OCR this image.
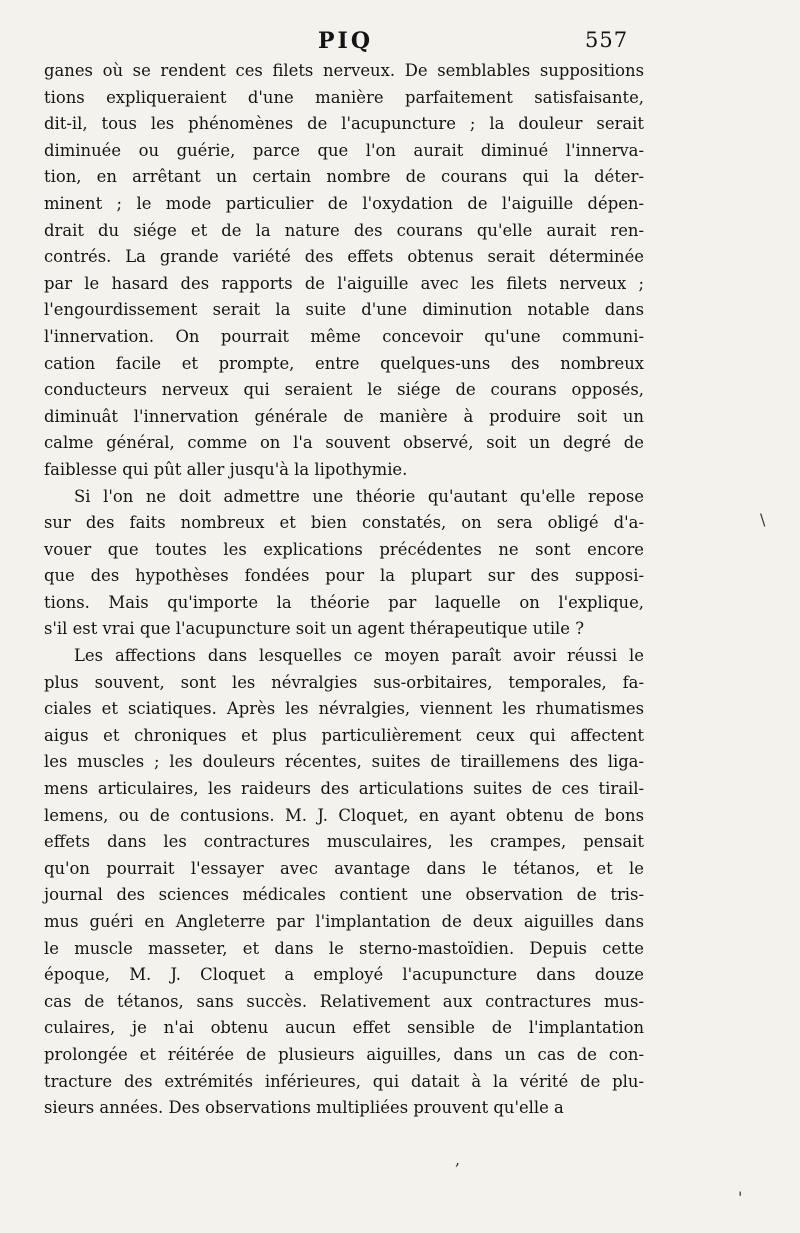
PIQ	557
ganes où se rendent ces filets nerveux. De semblables suppositions
tions expliqueraient d'une manière parfaitement satisfaisante,
dit-il, tous les phénomènes de l'acupuncture ; la douleur serait
diminuée ou guérie, parce que l'on aurait diminué l'innerva-
tion, en arrêtant un certain nombre de courans qui la déter-
minent ; le mode particulier de l'oxydation de l'aiguille dépen-
drait du siége et de la nature des courans qu'elle aurait ren-
contrés. La grande variété des effets obtenus serait déterminée
par le hasard des rapports de l'aiguille avec les filets nerveux ;
l'engourdissement serait la suite d'une diminution notable dans
l'innervation. On pourrait même concevoir qu'une communi-
cation facile et prompte, entre quelques-uns des nombreux
conducteurs nerveux qui seraient le siége de courans opposés,
diminuât l'innervation générale de manière à produire soit un
calme général, comme on l'a souvent observé, soit un degré de
faiblesse qui pût aller jusqu'à la lipothymie.
Si l'on ne doit admettre une théorie qu'autant qu'elle repose
sur des faits nombreux et bien constatés, on sera obligé d'a-
vouer que toutes les explications précédentes ne sont encore
que des hypothèses fondées pour la plupart sur des supposi-
tions. Mais qu'importe la théorie par laquelle on l'explique,
s'il est vrai que l'acupuncture soit un agent thérapeutique utile ?
Les affections dans lesquelles ce moyen paraît avoir réussi le
plus souvent, sont les névralgies sus-orbitaires, temporales, fa-
ciales et sciatiques. Après les névralgies, viennent les rhumatismes
aigus et chroniques et plus particulièrement ceux qui affectent
les muscles ; les douleurs récentes, suites de tiraillemens des liga-
mens articulaires, les raideurs des articulations suites de ces tirail-
lemens, ou de contusions. M. J. Cloquet, en ayant obtenu de bons
effets dans les contractures musculaires, les crampes, pensait
qu'on pourrait l'essayer avec avantage dans le tétanos, et le
journal des sciences médicales contient une observation de tris-
mus guéri en Angleterre par l'implantation de deux aiguilles dans
le muscle masseter, et dans le sterno-mastoïdien. Depuis cette
époque, M. J. Cloquet a employé l'acupuncture dans douze
cas de tétanos, sans succès. Relativement aux contractures mus-
culaires, je n'ai obtenu aucun effet sensible de l'implantation
prolongée et réitérée de plusieurs aiguilles, dans un cas de con-
tracture des extrémités inférieures, qui datait à la vérité de plu-
sieurs années. Des observations multipliées prouvent qu'elle a
\
,
'
